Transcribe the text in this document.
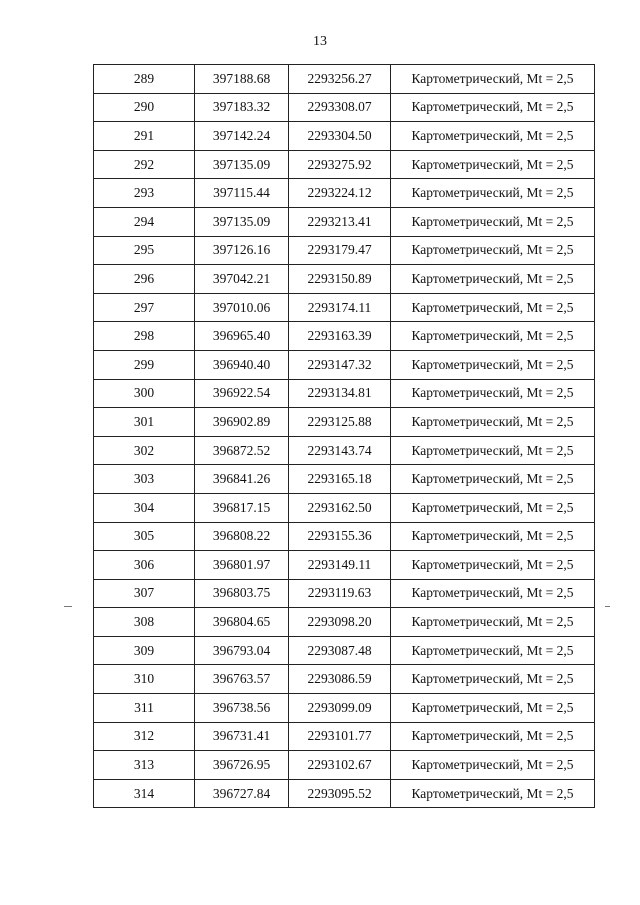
13
289	397188.68	2293256.27	Картометрический, Mt = 2,5
290	397183.32	2293308.07	Картометрический, Mt = 2,5
291	397142.24	2293304.50	Картометрический, Mt = 2,5
292	397135.09	2293275.92	Картометрический, Mt = 2,5
293	397115.44	2293224.12	Картометрический, Mt = 2,5
294	397135.09	2293213.41	Картометрический, Mt = 2,5
295	397126.16	2293179.47	Картометрический, Mt = 2,5
296	397042.21	2293150.89	Картометрический, Mt = 2,5
297	397010.06	2293174.11	Картометрический, Mt = 2,5
298	396965.40	2293163.39	Картометрический, Mt = 2,5
299	396940.40	2293147.32	Картометрический, Mt = 2,5
300	396922.54	2293134.81	Картометрический, Mt = 2,5
301	396902.89	2293125.88	Картометрический, Mt = 2,5
302	396872.52	2293143.74	Картометрический, Mt = 2,5
303	396841.26	2293165.18	Картометрический, Mt = 2,5
304	396817.15	2293162.50	Картометрический, Mt = 2,5
305	396808.22	2293155.36	Картометрический, Mt = 2,5
306	396801.97	2293149.11	Картометрический, Mt = 2,5
307	396803.75	2293119.63	Картометрический, Mt = 2,5
308	396804.65	2293098.20	Картометрический, Mt = 2,5
309	396793.04	2293087.48	Картометрический, Mt = 2,5
310	396763.57	2293086.59	Картометрический, Mt = 2,5
311	396738.56	2293099.09	Картометрический, Mt = 2,5
312	396731.41	2293101.77	Картометрический, Mt = 2,5
313	396726.95	2293102.67	Картометрический, Mt = 2,5
314	396727.84	2293095.52	Картометрический, Mt = 2,5
